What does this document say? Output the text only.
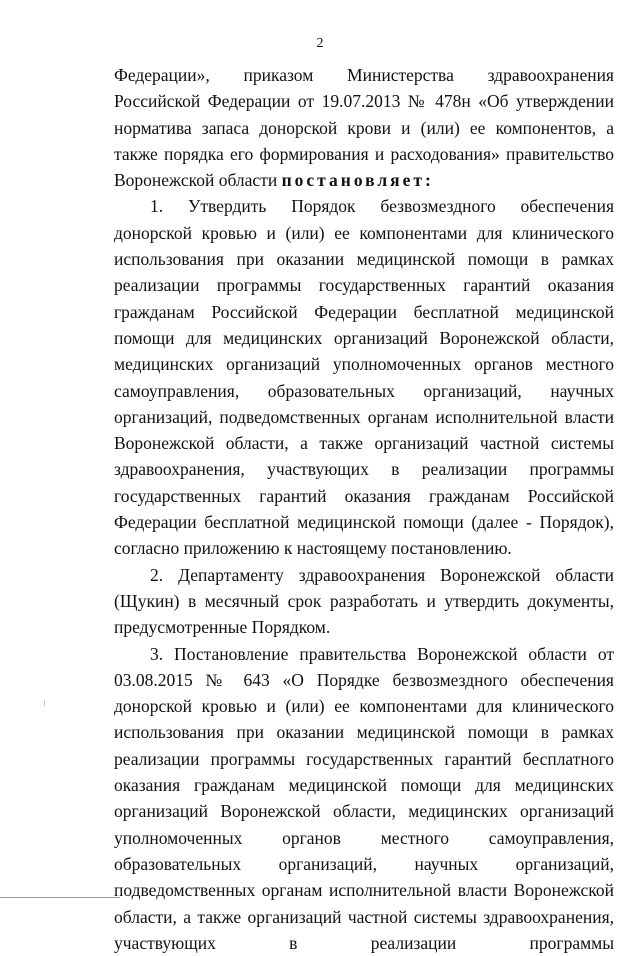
2

Федерации», приказом Министерства здравоохранения Российской Федерации от 19.07.2013 № 478н «Об утверждении норматива запаса донорской крови и (или) ее компонентов, а также порядка его формирования и расходования» правительство Воронежской области постановляет:

1. Утвердить Порядок безвозмездного обеспечения донорской кровью и (или) ее компонентами для клинического использования при оказании медицинской помощи в рамках реализации программы государственных гарантий оказания гражданам Российской Федерации бесплатной медицинской помощи для медицинских организаций Воронежской области, медицинских организаций уполномоченных органов местного самоуправления, образовательных организаций, научных организаций, подведомственных органам исполнительной власти Воронежской области, а также организаций частной системы здравоохранения, участвующих в реализации программы государственных гарантий оказания гражданам Российской Федерации бесплатной медицинской помощи (далее - Порядок), согласно приложению к настоящему постановлению.

2. Департаменту здравоохранения Воронежской области (Щукин) в месячный срок разработать и утвердить документы, предусмотренные Порядком.

3. Постановление правительства Воронежской области от 03.08.2015 № 643 «О Порядке безвозмездного обеспечения донорской кровью и (или) ее компонентами для клинического использования при оказании медицинской помощи в рамках реализации программы государственных гарантий бесплатного оказания гражданам медицинской помощи для медицинских организаций Воронежской области, медицинских организаций уполномоченных органов местного самоуправления, образовательных организаций, научных организаций, подведомственных органам исполнительной власти Воронежской области, а также организаций частной системы здравоохранения, участвующих в реализации программы
